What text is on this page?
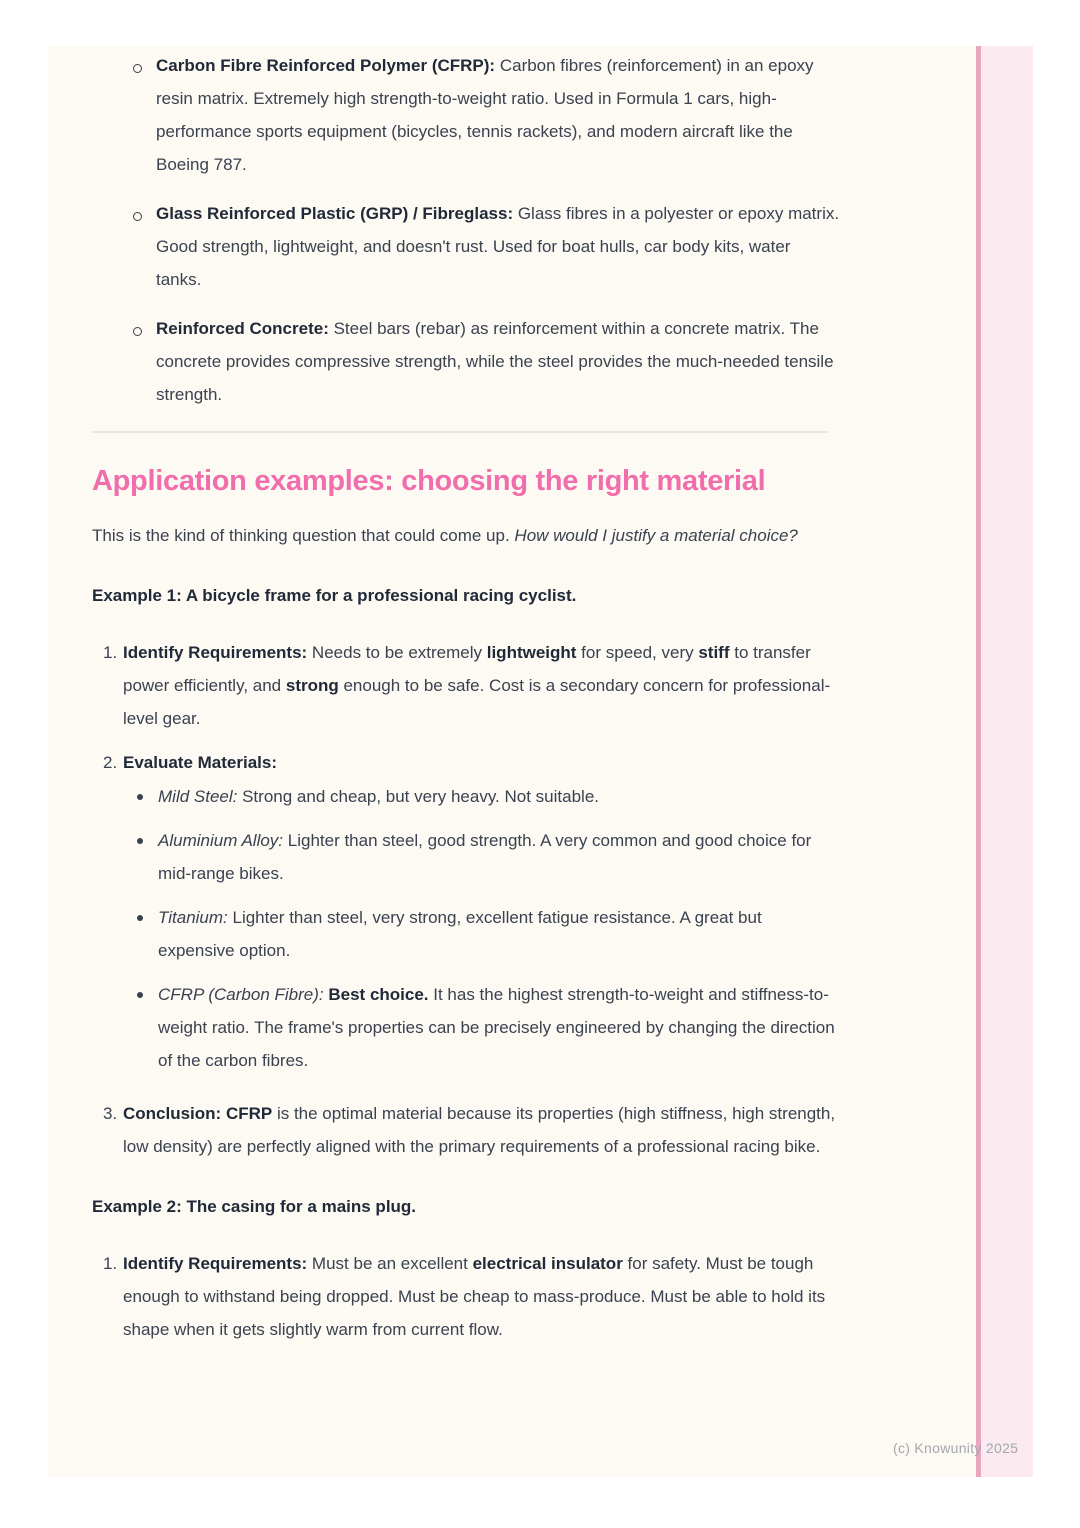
Carbon Fibre Reinforced Polymer (CFRP): Carbon fibres (reinforcement) in an epoxy resin matrix. Extremely high strength-to-weight ratio. Used in Formula 1 cars, high-performance sports equipment (bicycles, tennis rackets), and modern aircraft like the Boeing 787.

Glass Reinforced Plastic (GRP) / Fibreglass: Glass fibres in a polyester or epoxy matrix. Good strength, lightweight, and doesn't rust. Used for boat hulls, car body kits, water tanks.

Reinforced Concrete: Steel bars (rebar) as reinforcement within a concrete matrix. The concrete provides compressive strength, while the steel provides the much-needed tensile strength.

Application examples: choosing the right material

This is the kind of thinking question that could come up. How would I justify a material choice?

Example 1: A bicycle frame for a professional racing cyclist.

1. Identify Requirements: Needs to be extremely lightweight for speed, very stiff to transfer power efficiently, and strong enough to be safe. Cost is a secondary concern for professional-level gear.

2. Evaluate Materials:

Mild Steel: Strong and cheap, but very heavy. Not suitable.

Aluminium Alloy: Lighter than steel, good strength. A very common and good choice for mid-range bikes.

Titanium: Lighter than steel, very strong, excellent fatigue resistance. A great but expensive option.

CFRP (Carbon Fibre): Best choice. It has the highest strength-to-weight and stiffness-to-weight ratio. The frame's properties can be precisely engineered by changing the direction of the carbon fibres.

3. Conclusion: CFRP is the optimal material because its properties (high stiffness, high strength, low density) are perfectly aligned with the primary requirements of a professional racing bike.

Example 2: The casing for a mains plug.

1. Identify Requirements: Must be an excellent electrical insulator for safety. Must be tough enough to withstand being dropped. Must be cheap to mass-produce. Must be able to hold its shape when it gets slightly warm from current flow.

(c) Knowunity 2025
